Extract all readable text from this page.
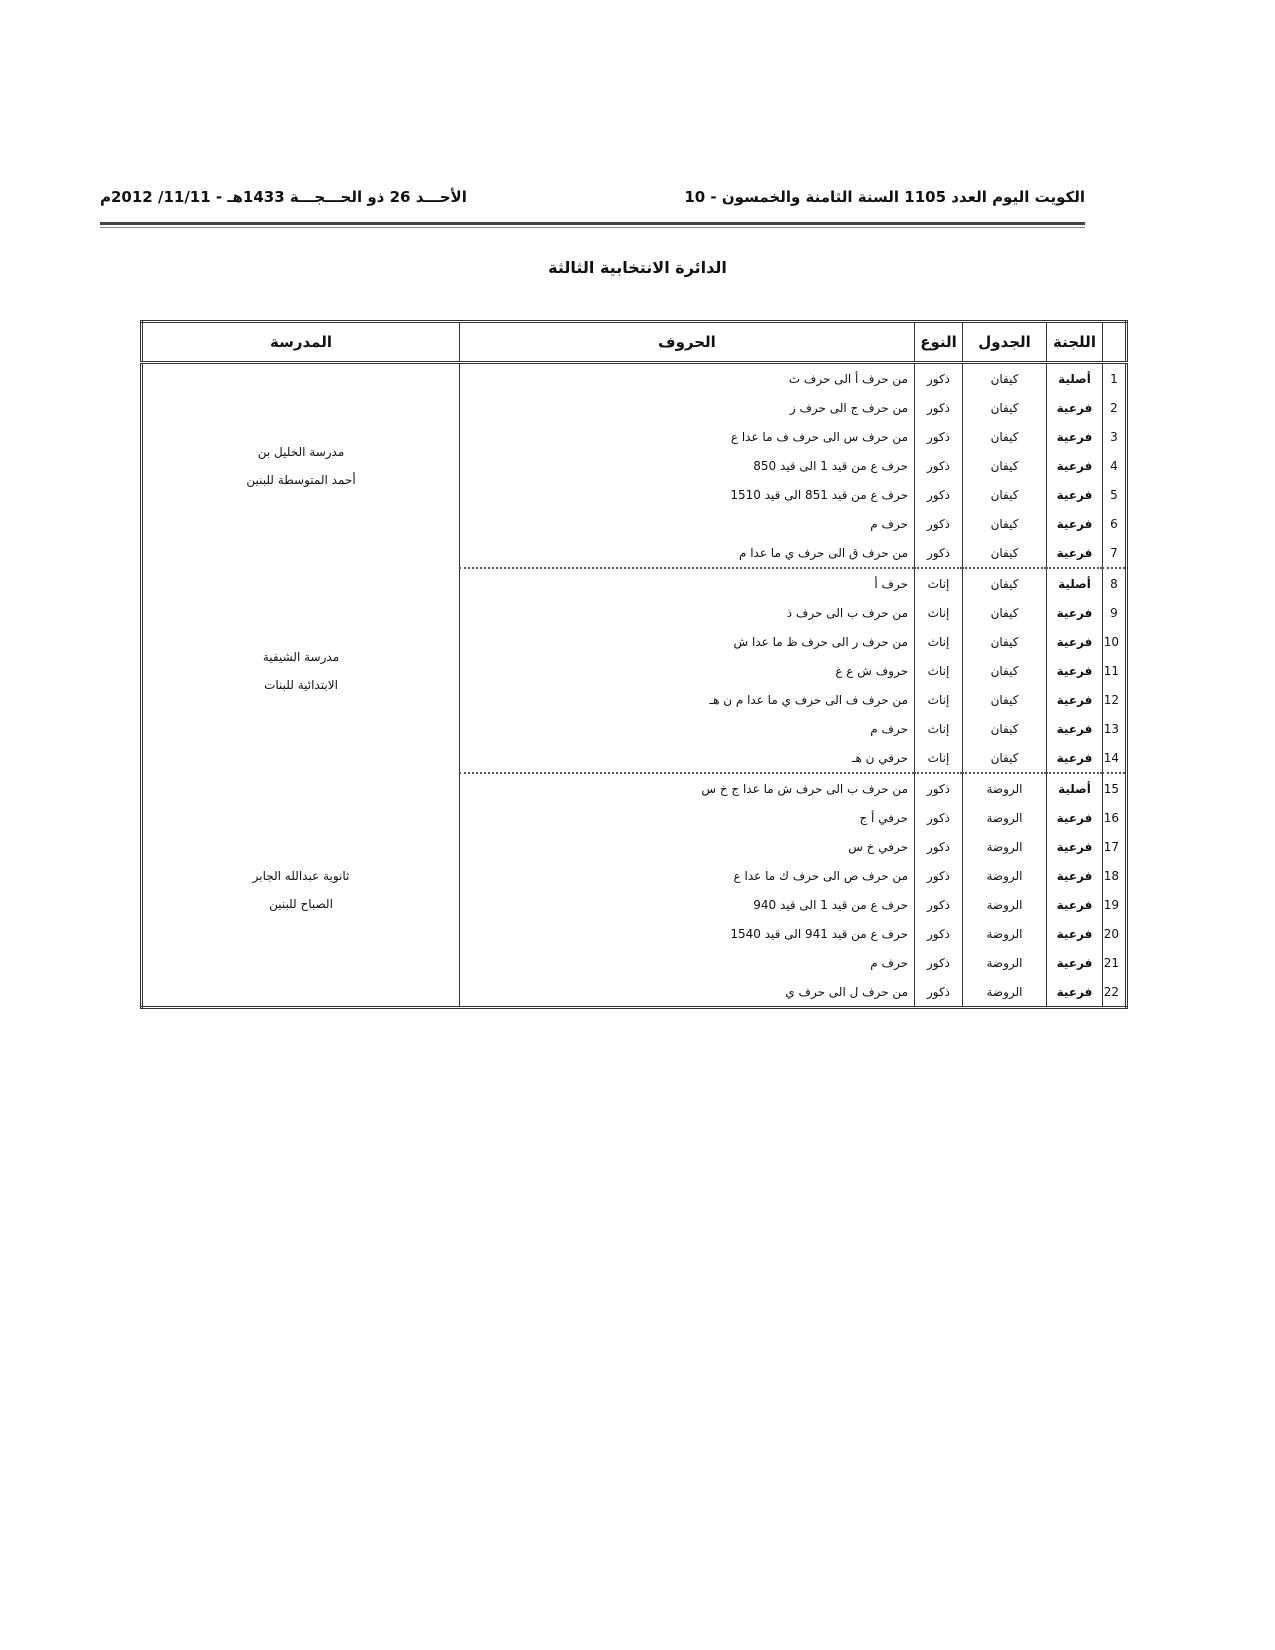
الكويت اليوم العدد 1105 السنة الثامنة والخمسون - 10
الأحـــد 26 ذو الحـــجـــة 1433هـ - 11/11/ 2012م
الدائرة الانتخابية الثالثة
	اللجنة	الجدول	النوع	الحروف	المدرسة
1	أصلية	كيفان	ذكور	من حرف أ الى حرف ث	مدرسة الخليل بن
أحمد المتوسطة للبنين

2	فرعية	كيفان	ذكور	من حرف ج الى حرف ز	
3	فرعية	كيفان	ذكور	من حرف س الى حرف ف ما عدا ع	
4	فرعية	كيفان	ذكور	حرف ع من قيد 1 الى قيد 850	
5	فرعية	كيفان	ذكور	حرف ع من قيد 851 الى قيد 1510	
6	فرعية	كيفان	ذكور	حرف م	
7	فرعية	كيفان	ذكور	من حرف ق الى حرف ي ما عدا م	
8	أصلية	كيفان	إناث	حرف أ	مدرسة الشيفية
الابتدائية للبنات

9	فرعية	كيفان	إناث	من حرف ب الى حرف ذ	
10	فرعية	كيفان	إناث	من حرف ر الى حرف ظ ما عدا ش	
11	فرعية	كيفان	إناث	حروف ش ع غ	
12	فرعية	كيفان	إناث	من حرف ف الى حرف ي ما عدا م ن هـ	
13	فرعية	كيفان	إناث	حرف م	
14	فرعية	كيفان	إناث	حرفي ن هـ	
15	أصلية	الروضة	ذكور	من حرف ب الى حرف ش ما عدا ج خ س	ثانوية عبدالله الجابر
الصباح للبنين

16	فرعية	الروضة	ذكور	حرفي أ ج	
17	فرعية	الروضة	ذكور	حرفي خ س	
18	فرعية	الروضة	ذكور	من حرف ص الى حرف ك ما عدا ع	
19	فرعية	الروضة	ذكور	حرف ع من قيد 1 الى قيد 940	
20	فرعية	الروضة	ذكور	حرف ع من قيد 941 الى قيد 1540	
21	فرعية	الروضة	ذكور	حرف م	
22	فرعية	الروضة	ذكور	من حرف ل الى حرف ي	
